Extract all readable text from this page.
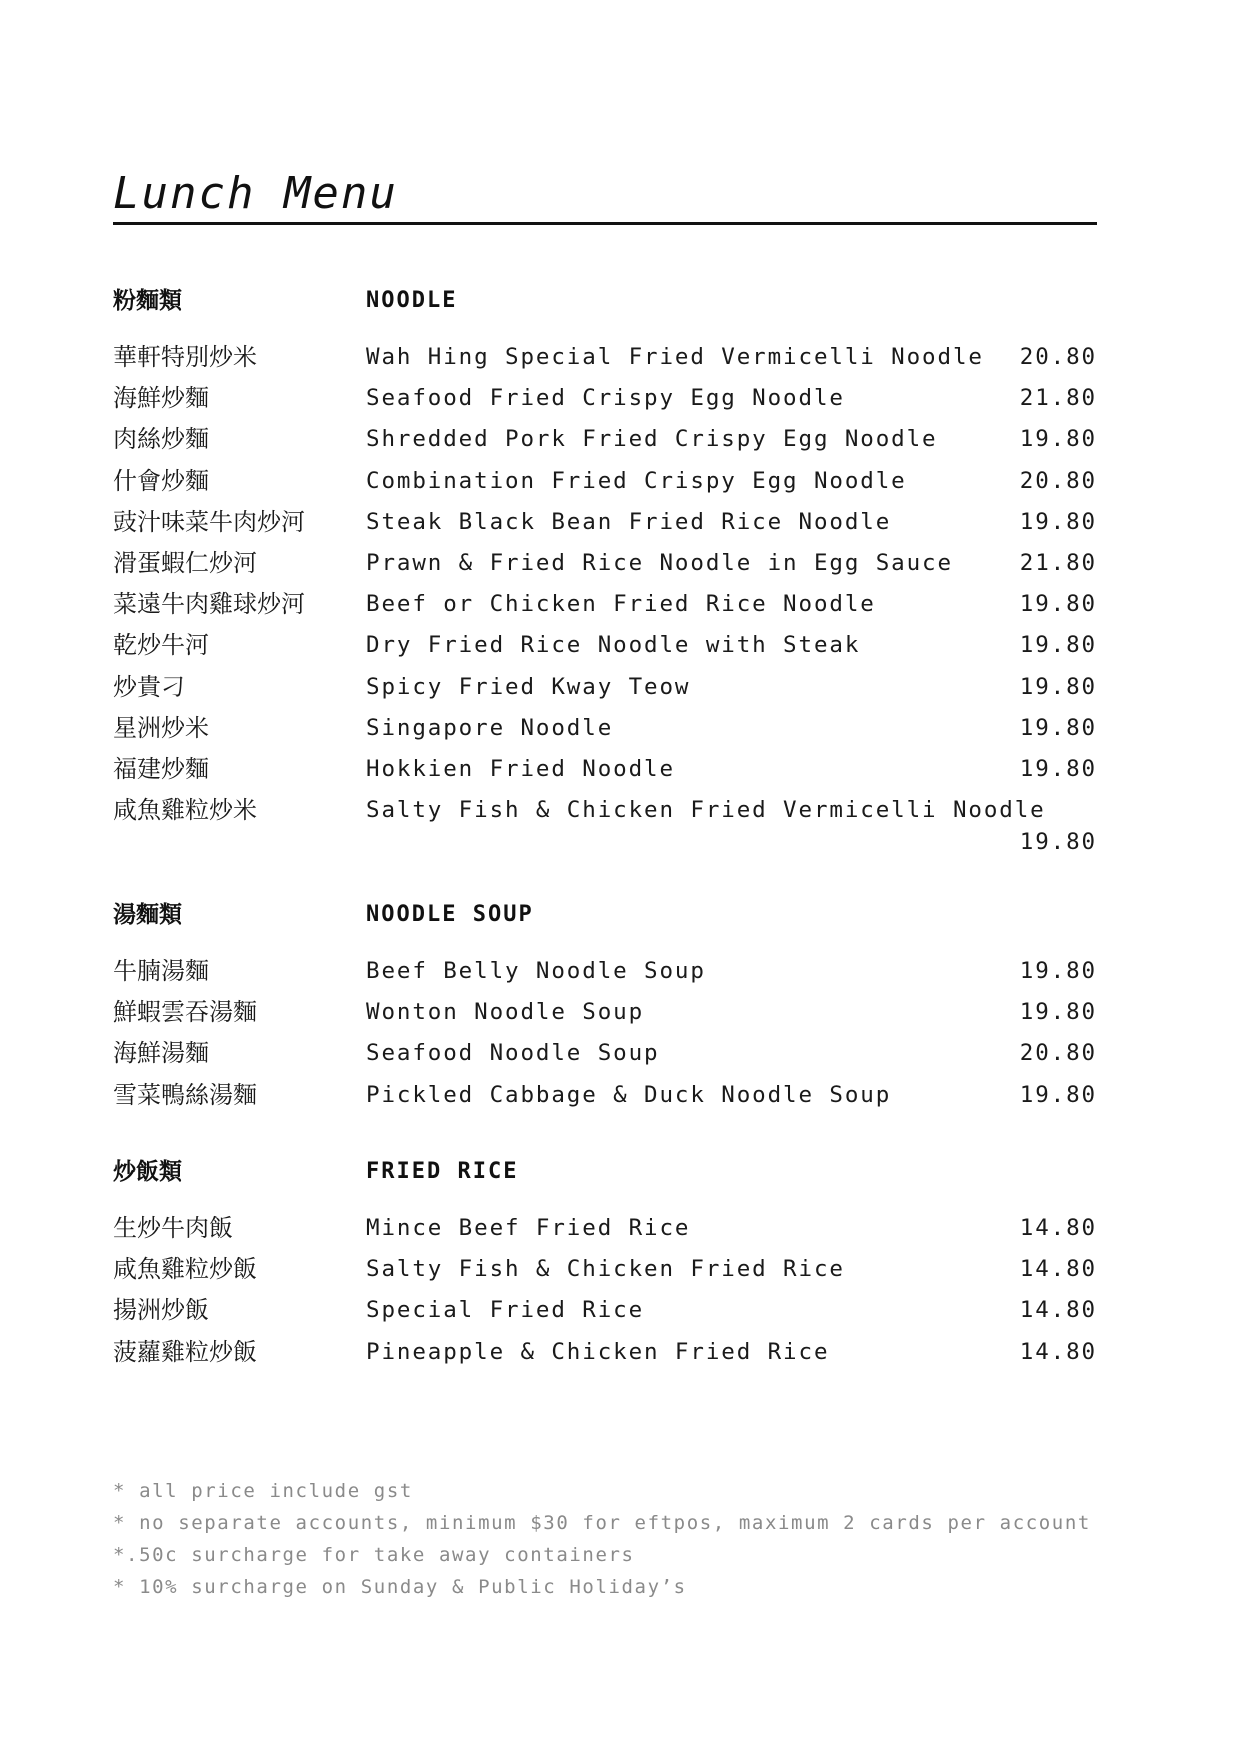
Lunch Menu
粉麵類	NOODLE
華軒特別炒米	Wah Hing Special Fried Vermicelli Noodle	20.80
海鮮炒麵	Seafood Fried Crispy Egg Noodle	21.80
肉絲炒麵	Shredded Pork Fried Crispy Egg Noodle	19.80
什會炒麵	Combination Fried Crispy Egg Noodle	20.80
豉汁味菜牛肉炒河	Steak Black Bean Fried Rice Noodle	19.80
滑蛋蝦仁炒河	Prawn & Fried Rice Noodle in Egg Sauce	21.80
菜遠牛肉雞球炒河	Beef or Chicken Fried Rice Noodle	19.80
乾炒牛河	Dry Fried Rice Noodle with Steak	19.80
炒貴刁	Spicy Fried Kway Teow	19.80
星洲炒米	Singapore Noodle	19.80
福建炒麵	Hokkien Fried Noodle	19.80
咸魚雞粒炒米	Salty Fish & Chicken Fried Vermicelli Noodle
19.80
湯麵類	NOODLE SOUP
牛腩湯麵	Beef Belly Noodle Soup	19.80
鮮蝦雲吞湯麵	Wonton Noodle Soup	19.80
海鮮湯麵	Seafood Noodle Soup	20.80
雪菜鴨絲湯麵	Pickled Cabbage & Duck Noodle Soup	19.80
炒飯類	FRIED RICE
生炒牛肉飯	Mince Beef Fried Rice	14.80
咸魚雞粒炒飯	Salty Fish & Chicken Fried Rice	14.80
揚洲炒飯	Special Fried Rice	14.80
菠蘿雞粒炒飯	Pineapple & Chicken Fried Rice	14.80
* all price include gst
* no separate accounts, minimum $30 for eftpos, maximum 2 cards per account
*.50c surcharge for take away containers
* 10% surcharge on Sunday & Public Holiday’s
